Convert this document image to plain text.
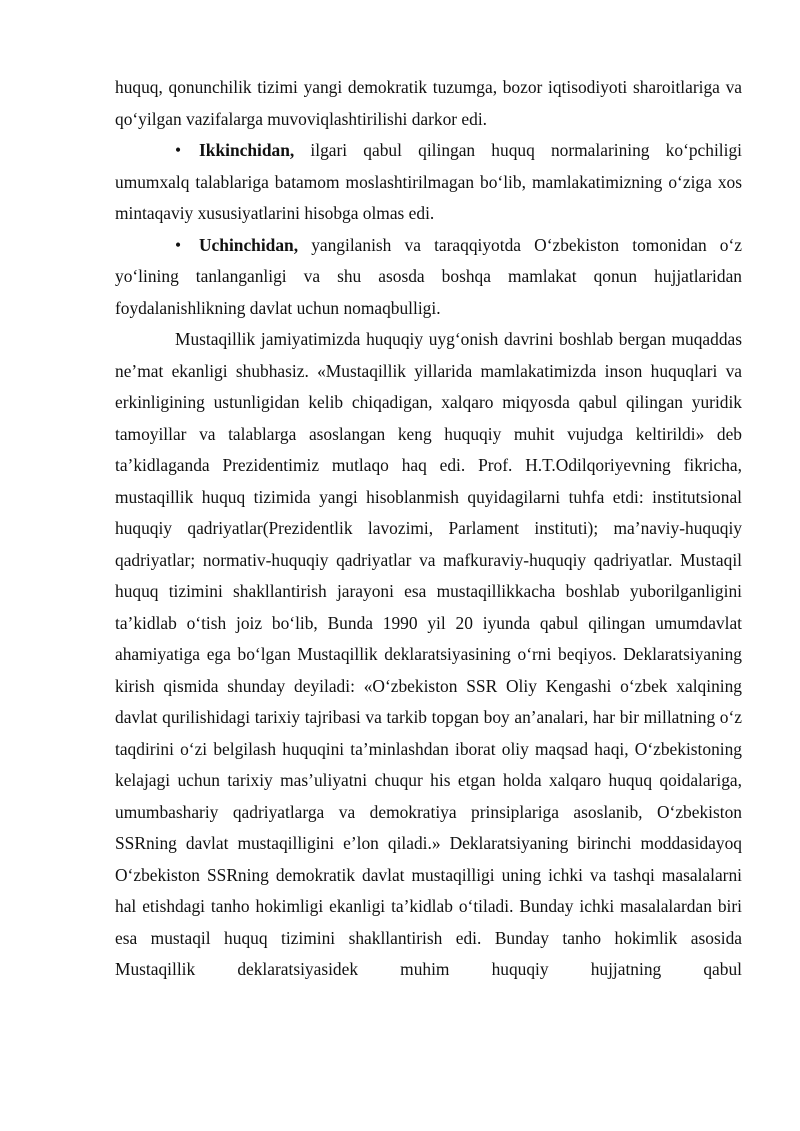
huquq, qonunchilik tizimi yangi demokratik tuzumga, bozor iqtisodiyoti sharoitlariga va qo‘yilgan vazifalarga muvoviqlashtirilishi darkor edi.

• Ikkinchidan, ilgari qabul qilingan huquq normalarining ko‘pchiligi umumxalq talablariga batamom moslashtirilmagan bo‘lib, mamlakatimizning o‘ziga xos mintaqaviy xususiyatlarini hisobga olmas edi.

• Uchinchidan, yangilanish va taraqqiyotda O‘zbekiston tomonidan o‘z yo‘lining tanlanganligi va shu asosda boshqa mamlakat qonun hujjatlaridan foydalanishlikning davlat uchun nomaqbulligi.

Mustaqillik jamiyatimizda huquqiy uyg‘onish davrini boshlab bergan muqaddas ne’mat ekanligi shubhasiz. «Mustaqillik yillarida mamlakatimizda inson huquqlari va erkinligining ustunligidan kelib chiqadigan, xalqaro miqyosda qabul qilingan yuridik tamoyillar va talablarga asoslangan keng huquqiy muhit vujudga keltirildi» deb ta’kidlaganda Prezidentimiz mutlaqo haq edi. Prof. H.T.Odilqoriyevning fikricha, mustaqillik huquq tizimida yangi hisoblanmish quyidagilarni tuhfa etdi: institutsional huquqiy qadriyatlar(Prezidentlik lavozimi, Parlament instituti); ma’naviy-huquqiy qadriyatlar; normativ-huquqiy qadriyatlar va mafkuraviy-huquqiy qadriyatlar. Mustaqil huquq tizimini shakllantirish jarayoni esa mustaqillikkacha boshlab yuborilganligini ta’kidlab o‘tish joiz bo‘lib, Bunda 1990 yil 20 iyunda qabul qilingan umumdavlat ahamiyatiga ega bo‘lgan Mustaqillik deklaratsiyasining o‘rni beqiyos. Deklaratsiyaning kirish qismida shunday deyiladi: «O‘zbekiston SSR Oliy Kengashi o‘zbek xalqining davlat qurilishidagi tarixiy tajribasi va tarkib topgan boy an’analari, har bir millatning o‘z taqdirini o‘zi belgilash huquqini ta’minlashdan iborat oliy maqsad haqi, O‘zbekistoning kelajagi uchun tarixiy mas’uliyatni chuqur his etgan holda xalqaro huquq qoidalariga, umumbashariy qadriyatlarga va demokratiya prinsiplariga asoslanib, O‘zbekiston SSRning davlat mustaqilligini e’lon qiladi.» Deklaratsiyaning birinchi moddasidayoq O‘zbekiston SSRning demokratik davlat mustaqilligi uning ichki va tashqi masalalarni hal etishdagi tanho hokimligi ekanligi ta’kidlab o‘tiladi. Bunday ichki masalalardan biri esa mustaqil huquq tizimini shakllantirish edi. Bunday tanho hokimlik asosida Mustaqillik deklaratsiyasidek muhim huquqiy hujjatning qabul
